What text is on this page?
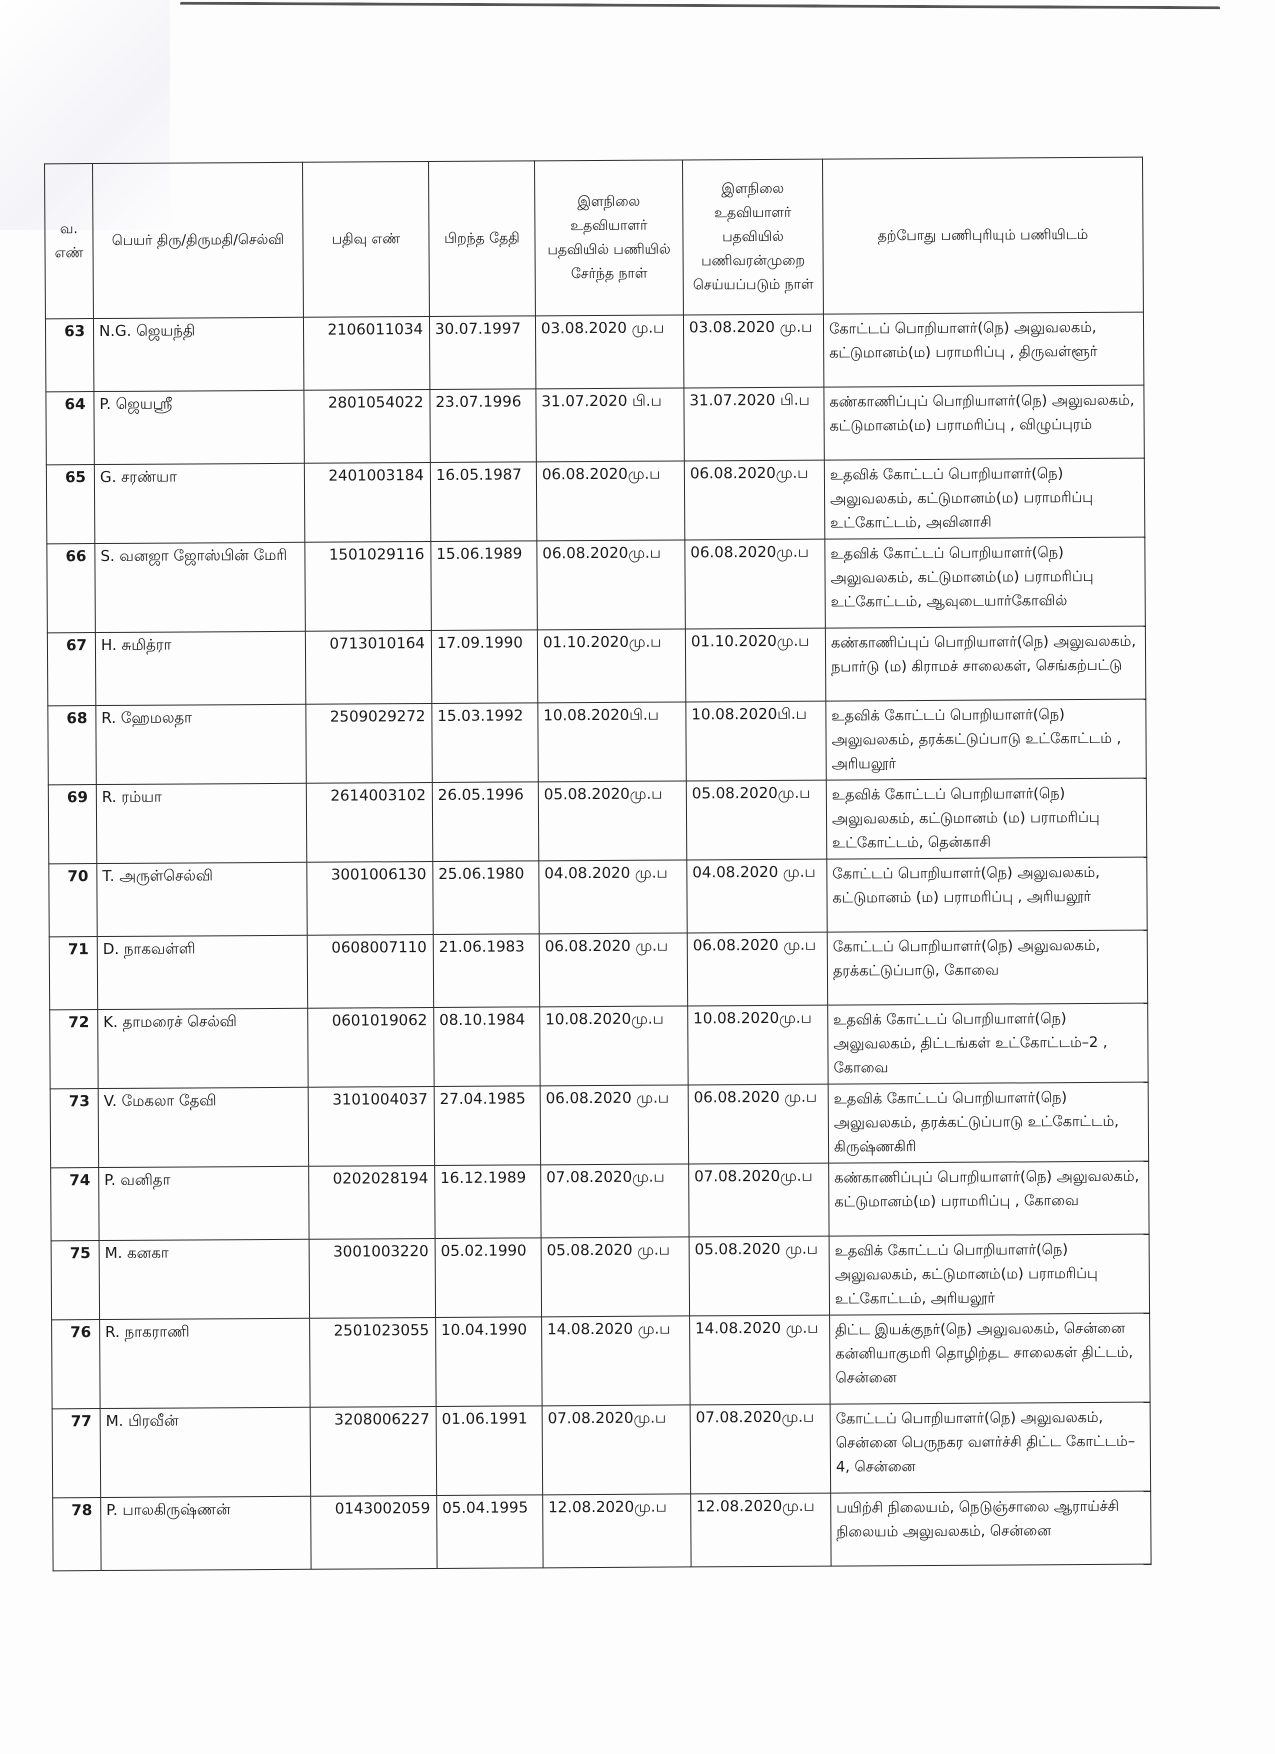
வ. எண்	பெயர் திரு/திருமதி/செல்வி	பதிவு எண்	பிறந்த தேதி	இளநிலை உதவியாளர் பதவியில் பணியில் சேர்ந்த நாள்	இளநிலை உதவியாளர் பதவியில் பணிவரன்முறை செய்யப்படும் நாள்	தற்போது பணிபுரியும் பணியிடம்
63	N.G. ஜெயந்தி	2106011034	30.07.1997	03.08.2020 மு.ப	03.08.2020 மு.ப	கோட்டப் பொறியாளர்(நெ) அலுவலகம், கட்டுமானம்(ம) பராமரிப்பு , திருவள்ளூர்
64	P. ஜெயஸ்ரீ	2801054022	23.07.1996	31.07.2020 பி.ப	31.07.2020 பி.ப	கண்காணிப்புப் பொறியாளர்(நெ) அலுவலகம், கட்டுமானம்(ம) பராமரிப்பு , விழுப்புரம்
65	G. சரண்யா	2401003184	16.05.1987	06.08.2020மு.ப	06.08.2020மு.ப	உதவிக் கோட்டப் பொறியாளர்(நெ) அலுவலகம், கட்டுமானம்(ம) பராமரிப்பு உட்கோட்டம், அவினாசி
66	S. வனஜா ஜோஸ்பின் மேரி	1501029116	15.06.1989	06.08.2020மு.ப	06.08.2020மு.ப	உதவிக் கோட்டப் பொறியாளர்(நெ) அலுவலகம், கட்டுமானம்(ம) பராமரிப்பு உட்கோட்டம், ஆவுடையார்கோவில்
67	H. சுமித்ரா	0713010164	17.09.1990	01.10.2020மு.ப	01.10.2020மு.ப	கண்காணிப்புப் பொறியாளர்(நெ) அலுவலகம், நபார்டு (ம) கிராமச் சாலைகள், செங்கற்பட்டு
68	R. ஹேமலதா	2509029272	15.03.1992	10.08.2020பி.ப	10.08.2020பி.ப	உதவிக் கோட்டப் பொறியாளர்(நெ) அலுவலகம், தரக்கட்டுப்பாடு உட்கோட்டம் , அரியலூர்
69	R. ரம்யா	2614003102	26.05.1996	05.08.2020மு.ப	05.08.2020மு.ப	உதவிக் கோட்டப் பொறியாளர்(நெ) அலுவலகம், கட்டுமானம் (ம) பராமரிப்பு உட்கோட்டம், தென்காசி
70	T. அருள்செல்வி	3001006130	25.06.1980	04.08.2020 மு.ப	04.08.2020 மு.ப	கோட்டப் பொறியாளர்(நெ) அலுவலகம், கட்டுமானம் (ம) பராமரிப்பு , அரியலூர்
71	D. நாகவள்ளி	0608007110	21.06.1983	06.08.2020 மு.ப	06.08.2020 மு.ப	கோட்டப் பொறியாளர்(நெ) அலுவலகம், தரக்கட்டுப்பாடு, கோவை
72	K. தாமரைச் செல்வி	0601019062	08.10.1984	10.08.2020மு.ப	10.08.2020மு.ப	உதவிக் கோட்டப் பொறியாளர்(நெ) அலுவலகம், திட்டங்கள் உட்கோட்டம்–2 , கோவை
73	V. மேகலா தேவி	3101004037	27.04.1985	06.08.2020 மு.ப	06.08.2020 மு.ப	உதவிக் கோட்டப் பொறியாளர்(நெ) அலுவலகம், தரக்கட்டுப்பாடு உட்கோட்டம், கிருஷ்ணகிரி
74	P. வனிதா	0202028194	16.12.1989	07.08.2020மு.ப	07.08.2020மு.ப	கண்காணிப்புப் பொறியாளர்(நெ) அலுவலகம், கட்டுமானம்(ம) பராமரிப்பு , கோவை
75	M. கனகா	3001003220	05.02.1990	05.08.2020 மு.ப	05.08.2020 மு.ப	உதவிக் கோட்டப் பொறியாளர்(நெ) அலுவலகம், கட்டுமானம்(ம) பராமரிப்பு உட்கோட்டம், அரியலூர்
76	R. நாகராணி	2501023055	10.04.1990	14.08.2020 மு.ப	14.08.2020 மு.ப	திட்ட இயக்குநர்(நெ) அலுவலகம், சென்னை கன்னியாகுமரி தொழிற்தட சாலைகள் திட்டம், சென்னை
77	M. பிரவீன்	3208006227	01.06.1991	07.08.2020மு.ப	07.08.2020மு.ப	கோட்டப் பொறியாளர்(நெ) அலுவலகம், சென்னை பெருநகர வளர்ச்சி திட்ட கோட்டம்–4, சென்னை
78	P. பாலகிருஷ்ணன்	0143002059	05.04.1995	12.08.2020மு.ப	12.08.2020மு.ப	பயிற்சி நிலையம், நெடுஞ்சாலை ஆராய்ச்சி நிலையம் அலுவலகம், சென்னை
